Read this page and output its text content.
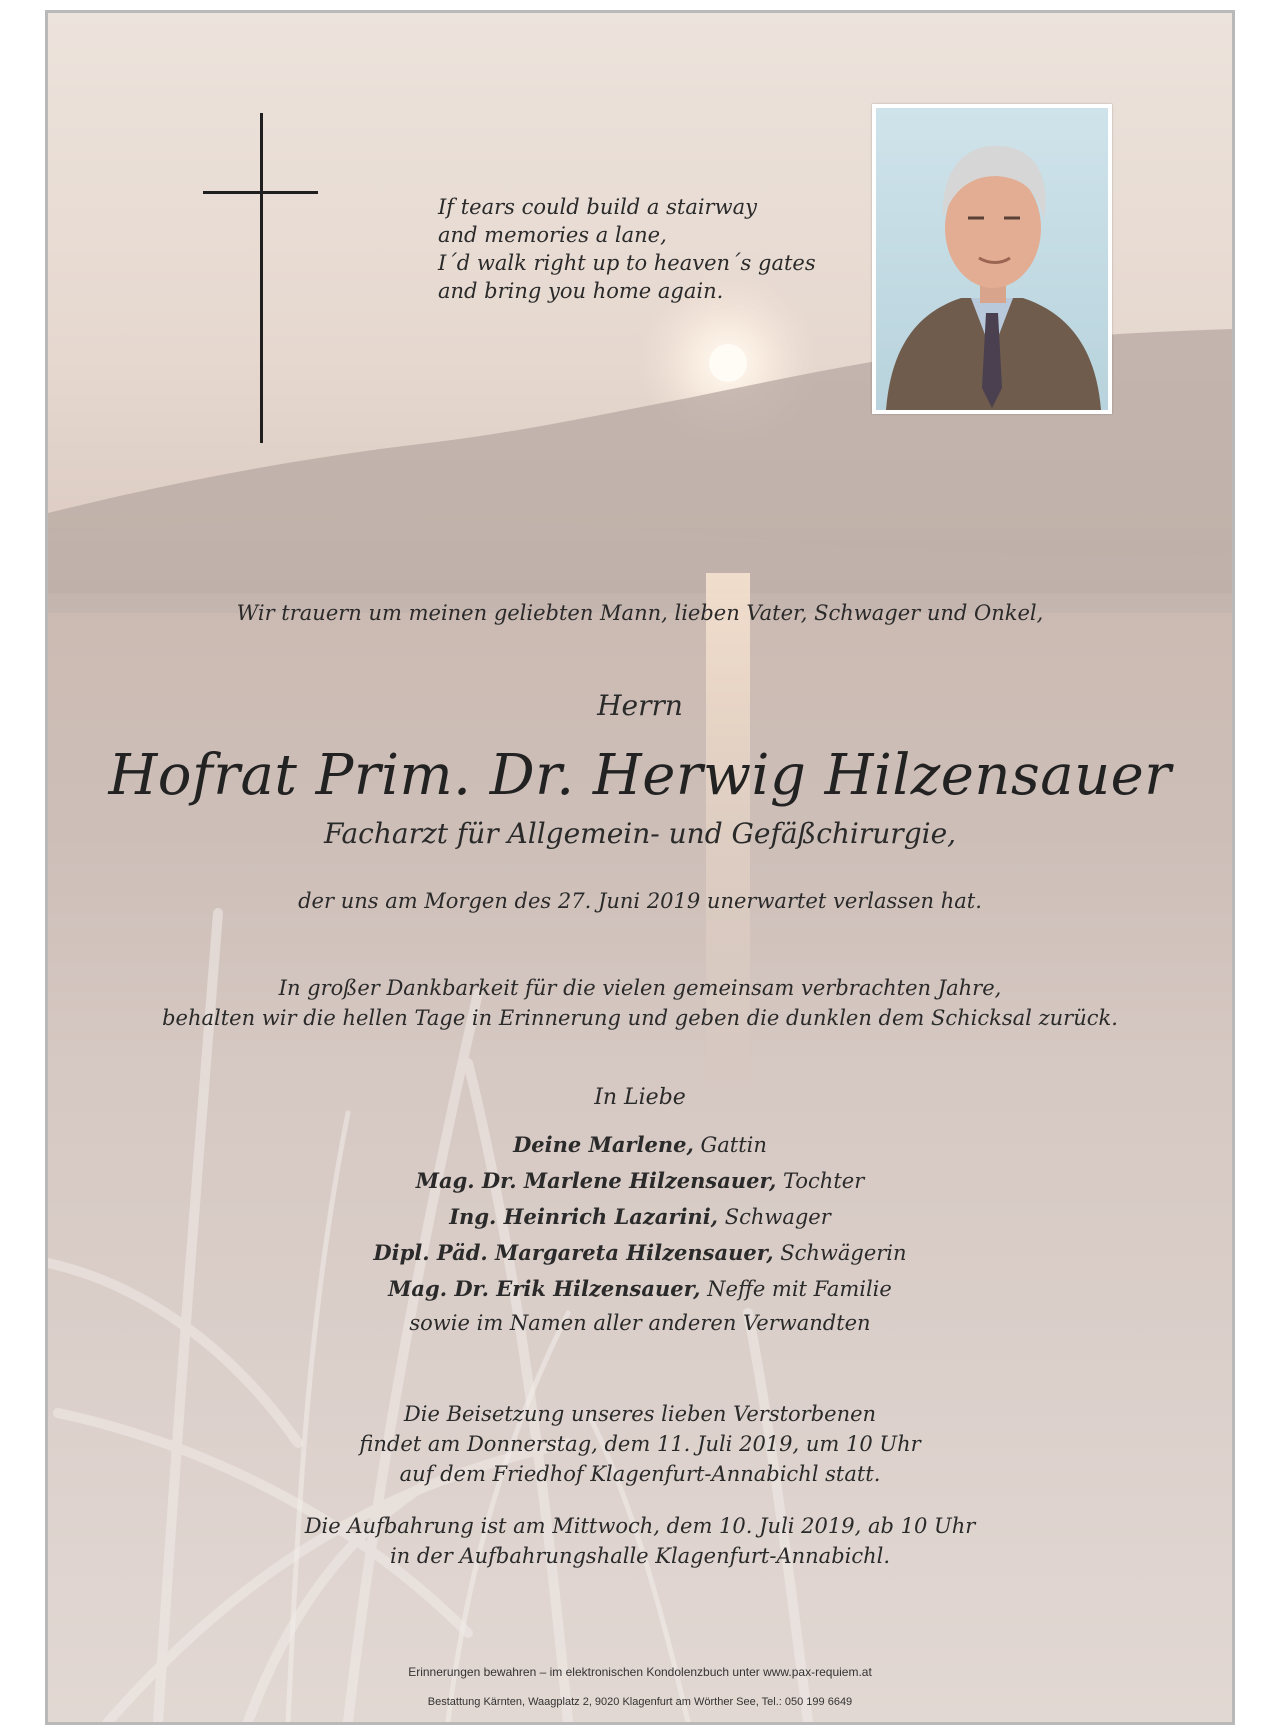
If tears could build a stairway
and memories a lane,
I´d walk right up to heaven´s gates
and bring you home again.
Wir trauern um meinen geliebten Mann, lieben Vater, Schwager und Onkel,
Herrn
Hofrat Prim. Dr. Herwig Hilzensauer
Facharzt für Allgemein- und Gefäßchirurgie,
der uns am Morgen des 27. Juni 2019 unerwartet verlassen hat.
In großer Dankbarkeit für die vielen gemeinsam verbrachten Jahre,
behalten wir die hellen Tage in Erinnerung und geben die dunklen dem Schicksal zurück.
In Liebe
Deine Marlene, Gattin
Mag. Dr. Marlene Hilzensauer, Tochter
Ing. Heinrich Lazarini, Schwager
Dipl. Päd. Margareta Hilzensauer, Schwägerin
Mag. Dr. Erik Hilzensauer, Neffe mit Familie
sowie im Namen aller anderen Verwandten
Die Beisetzung unseres lieben Verstorbenen
findet am Donnerstag, dem 11. Juli 2019, um 10 Uhr
auf dem Friedhof Klagenfurt-Annabichl statt.
Die Aufbahrung ist am Mittwoch, dem 10. Juli 2019, ab 10 Uhr
in der Aufbahrungshalle Klagenfurt-Annabichl.
Erinnerungen bewahren – im elektronischen Kondolenzbuch unter www.pax-requiem.at
Bestattung Kärnten, Waagplatz 2, 9020 Klagenfurt am Wörther See, Tel.: 050 199 6649
